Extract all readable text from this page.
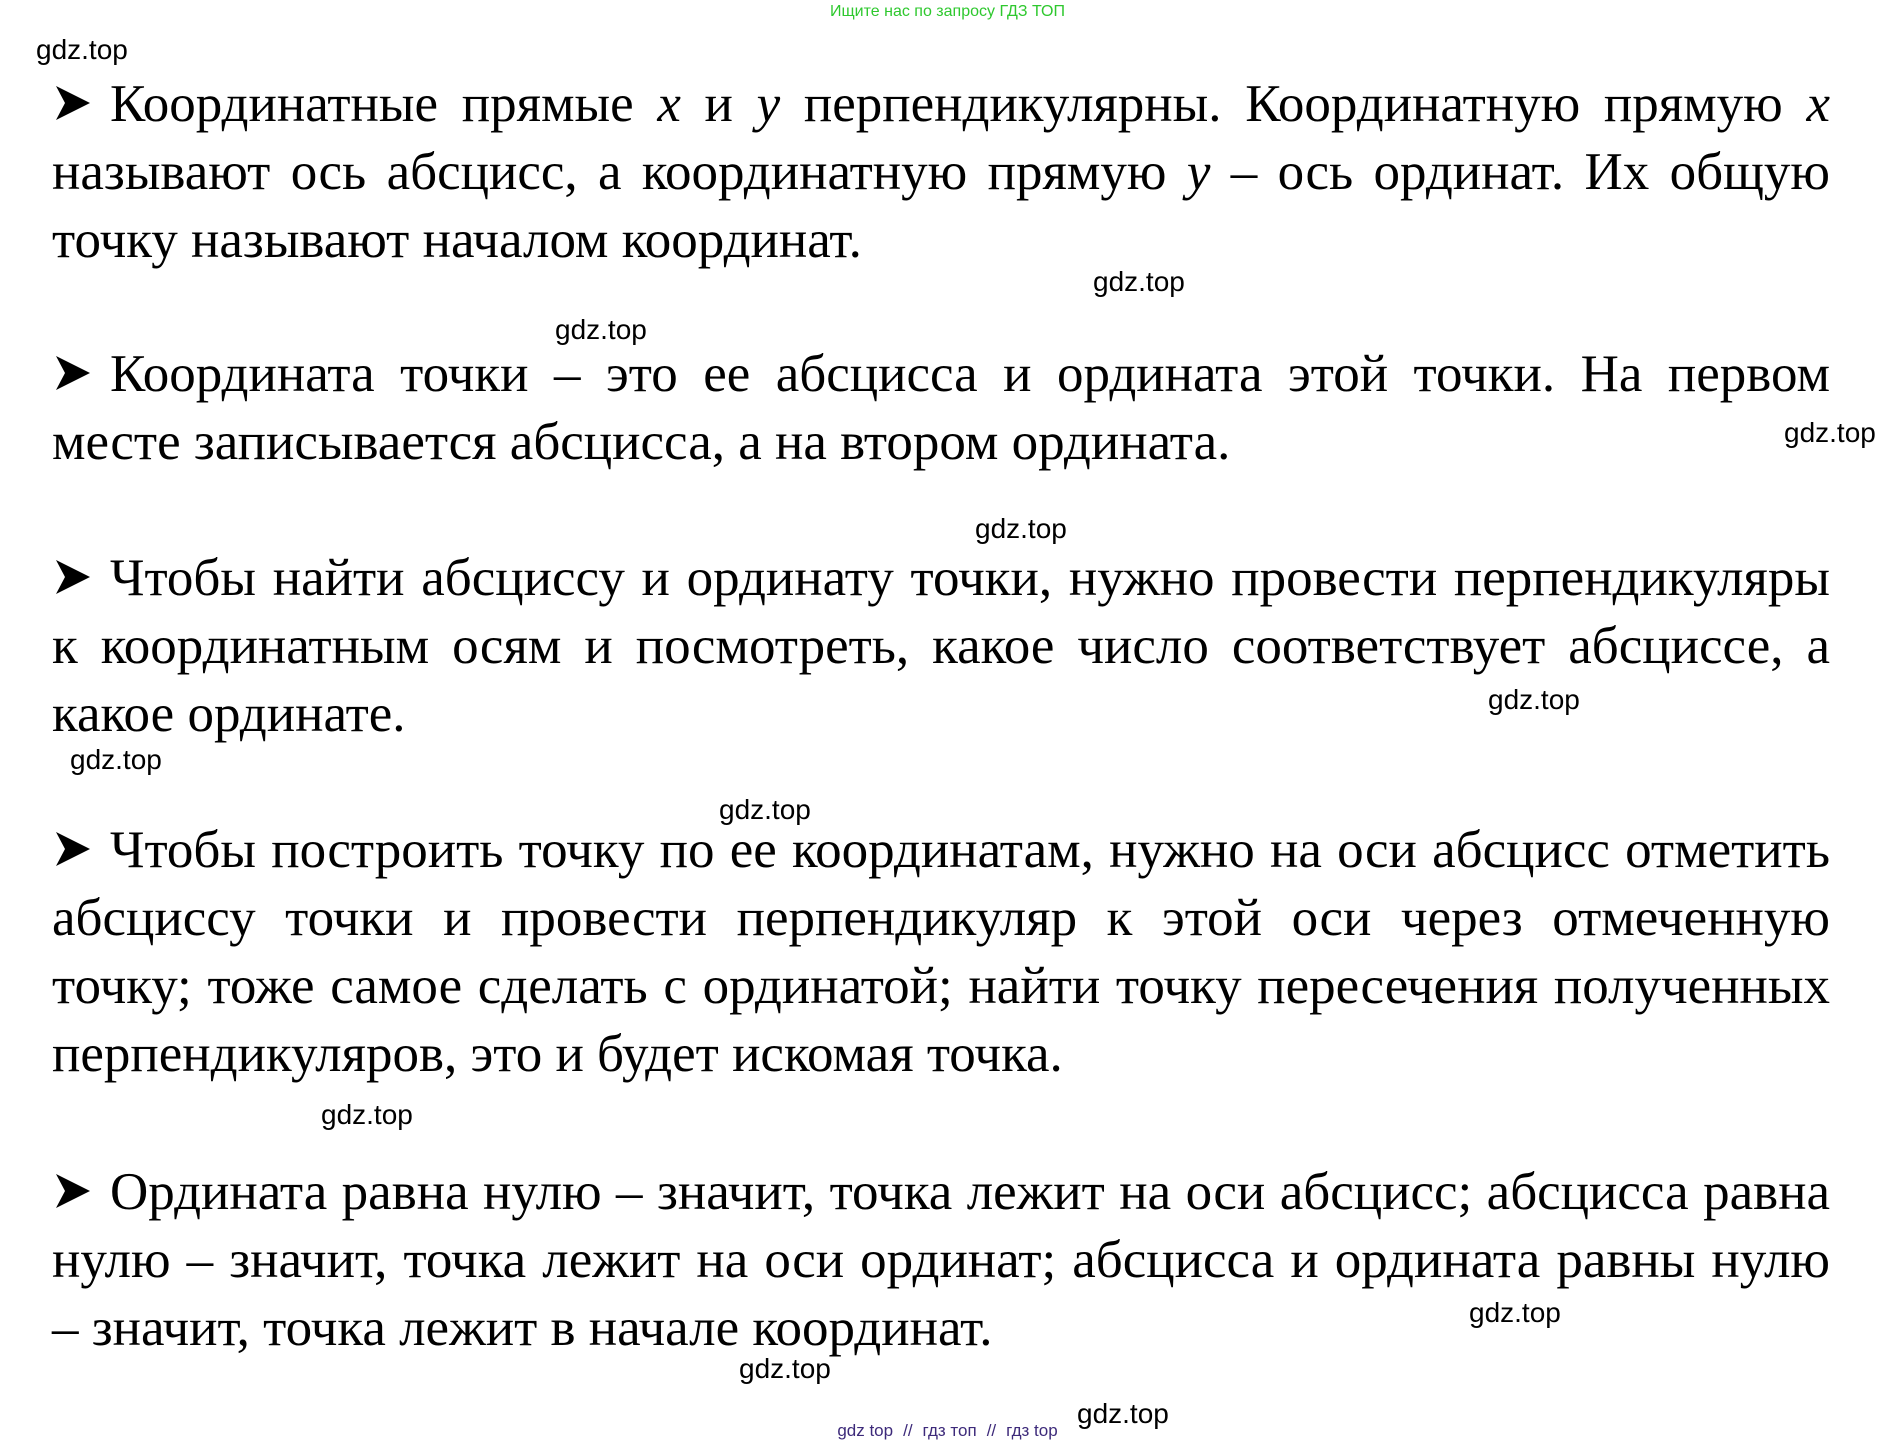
Ищите нас по запросу ГДЗ ТОП
gdz.top
gdz.top
gdz.top
gdz.top
gdz.top
gdz.top
gdz.top
gdz.top
gdz.top
gdz.top
gdz.top
gdz.top
Координатные прямые x и y перпендикулярны. Координатную прямую x называют ось абсцисс, а координатную прямую y – ось ординат. Их общую точку называют началом координат.
Координата точки – это ее абсцисса и ордината этой точки. На первом месте записывается абсцисса, а на втором ордината.
Чтобы найти абсциссу и ординату точки, нужно провести перпендикуляры к координатным осям и посмотреть, какое число соответствует абсциссе, а какое ординате.
Чтобы построить точку по ее координатам, нужно на оси абсцисс отметить абсциссу точки и провести перпендикуляр к этой оси через отмеченную точку; тоже самое сделать с ординатой; найти точку пересечения полученных перпендикуляров, это и будет искомая точка.
Ордината равна нулю – значит, точка лежит на оси абсцисс; абсцисса равна нулю – значит, точка лежит на оси ординат; абсцисса и ордината равны нулю – значит, точка лежит в начале координат.
gdz top // гдз топ // гдз top
